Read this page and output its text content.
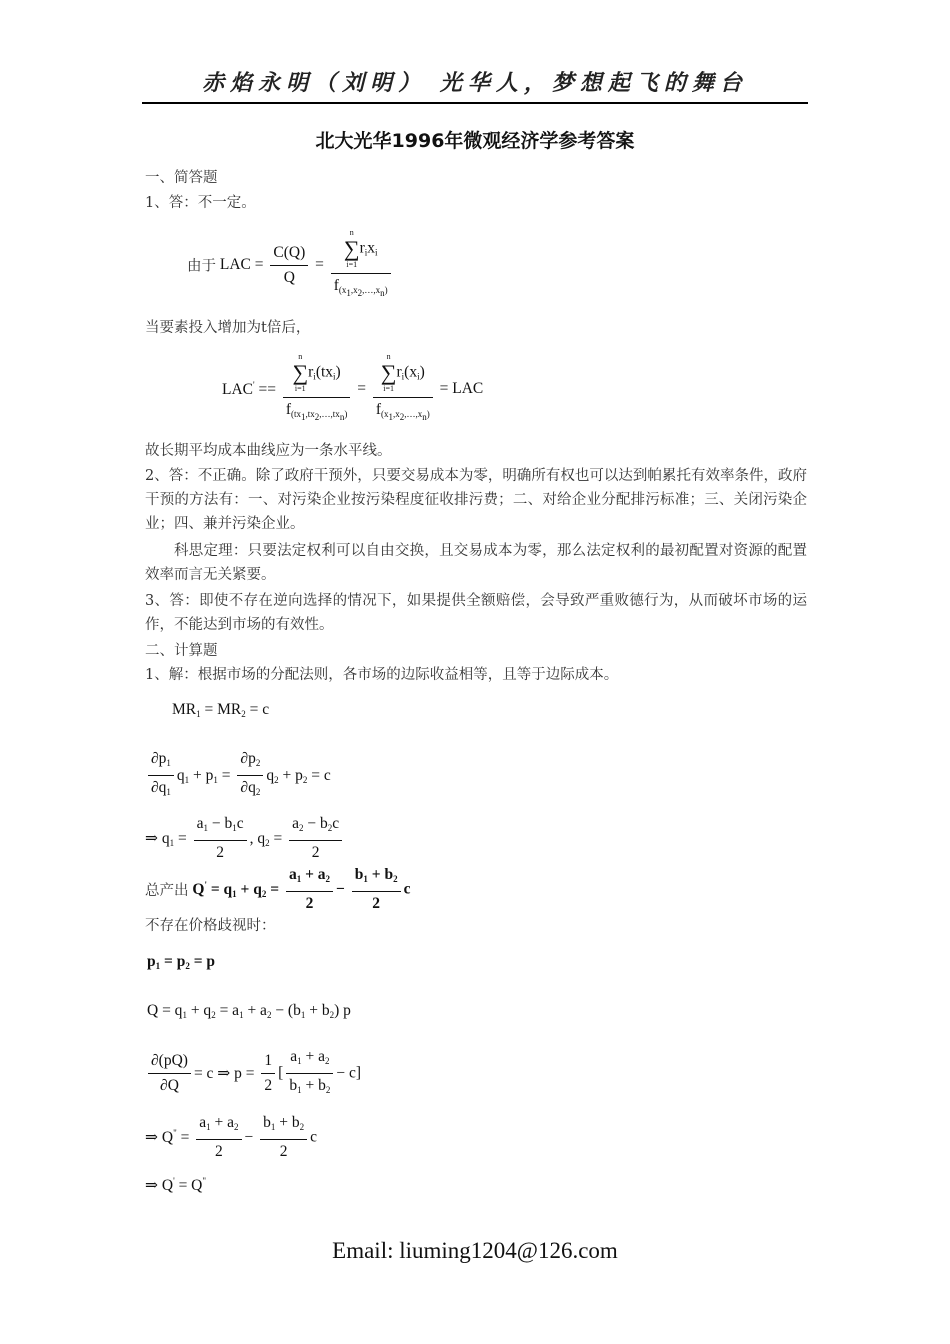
赤焰永明（刘明） 光华人，梦想起飞的舞台
北大光华1996年微观经济学参考答案
一、简答题
1、答：不一定。
由于 LAC = $\frac{C(Q)}{Q} = n$
∑
i=1
$r_ix_i$
$f_{(x_1,x_2,\dots,x_n)}$
当要素投入增加为t倍后，
LAC' == n
∑
i=1
$r_i(tx_i)$
$f_{(tx_1,tx_2,\dots,tx_n)} = n$
∑
i=1
$r_i(x_i)$
$f_{(x_1,x_2,\dots,x_n)}$ = LAC
故长期平均成本曲线应为一条水平线。
2、答：不正确。除了政府干预外，只要交易成本为零，明确所有权也可以达到帕累托有效率条件，政府干预的方法有：一、对污染企业按污染程度征收排污费；二、对给企业分配排污标准；三、关闭污染企业；四、兼并污染企业。
科思定理：只要法定权利可以自由交换，且交易成本为零，那么法定权利的最初配置对资源的配置效率而言无关紧要。
3、答：即使不存在逆向选择的情况下，如果提供全额赔偿，会导致严重败德行为，从而破坏市场的运作，不能达到市场的有效性。
二、计算题
1、解：根据市场的分配法则，各市场的边际收益相等，且等于边际成本。
$MR_1 = MR_2 = c$
$\frac{\partial p_1}{\partial q_1} q_1 + p_1 = \frac{\partial p_2}{\partial q_2} q_2 + p_2 = c$
⇒ $q_1 = \frac{a_1 - b_1c}{2}$ , $q_2 = \frac{a_2 - b_2c}{2}$
总产出 $Q' = q_1 + q_2 = \frac{a_1 + a_2}{2} - \frac{b_1 + b_2}{2}$ c
不存在价格歧视时：
$p_1 = p_2 = p$
$Q = q_1 + q_2 = a_1 + a_2 - (b_1 + b_2)$ p
$\frac{\partial(pQ)}{\partial Q} = c$ ⇒ $p = \frac{1}{2}$ [ $\frac{a_1 + a_2}{b_1 + b_2} - c$]
⇒ $Q^" = \frac{a_1 + a_2}{2} - \frac{b_1 + b_2}{2}$ c
⇒ Q' = Q"
Email: liuming1204@126.com
